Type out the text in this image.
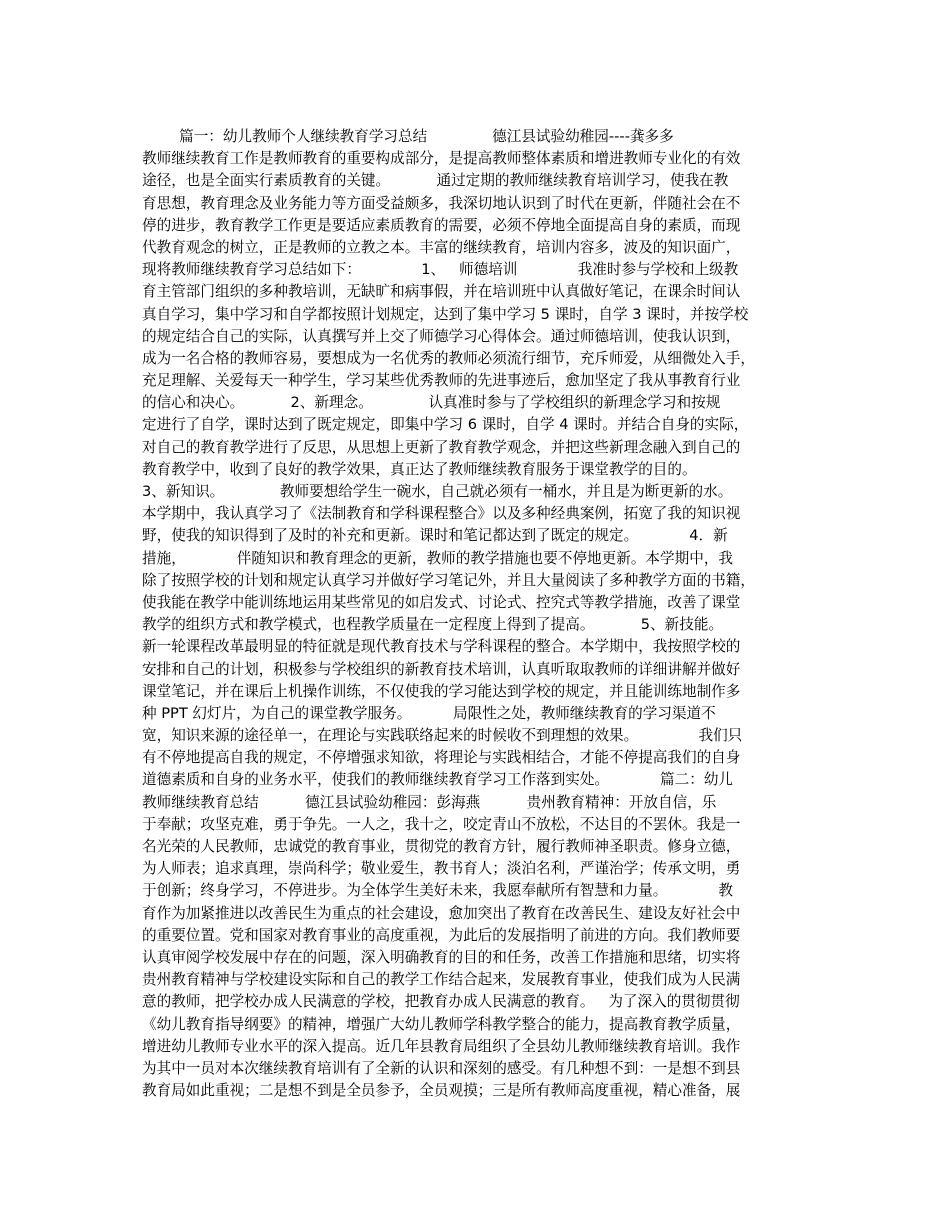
篇一：幼儿教师个人继续教育学习总结              德江县试验幼稚园----龚多多
教师继续教育工作是教师教育的重要构成部分，是提高教师整体素质和增进教师专业化的有效
途径，也是全面实行素质教育的关键。          通过定期的教师继续教育培训学习，使我在教
育思想，教育理念及业务能力等方面受益颇多，我深切地认识到了时代在更新，伴随社会在不
停的进步，教育教学工作更是要适应素质教育的需要，必须不停地全面提高自身的素质，而现
代教育观念的树立，正是教师的立教之本。丰富的继续教育，培训内容多，波及的知识面广，
现将教师继续教育学习总结如下：             1、   师德培训             我准时参与学校和上级教
育主管部门组织的多种教培训，无缺旷和病事假，并在培训班中认真做好笔记，在课余时间认
真自学习，集中学习和自学都按照计划规定，达到了集中学习 5 课时，自学 3 课时，并按学校
的规定结合自己的实际，认真撰写并上交了师德学习心得体会。通过师德培训，使我认识到，
成为一名合格的教师容易，要想成为一名优秀的教师必须流行细节，充斥师爱，从细微处入手，
充足理解、关爱每天一种学生，学习某些优秀教师的先进事迹后，愈加坚定了我从事教育行业
的信心和决心。          2、新理念。            认真准时参与了学校组织的新理念学习和按规
定进行了自学，课时达到了既定规定，即集中学习 6 课时，自学 4 课时。并结合自身的实际，
对自己的教育教学进行了反思，从思想上更新了教育教学观念，并把这些新理念融入到自己的
教育教学中，收到了良好的教学效果，真正达了教师继续教育服务于课堂教学的目的。
3、新知识。            教师要想给学生一碗水，自己就必须有一桶水，并且是为断更新的水。
本学期中，我认真学习了《法制教育和学科课程整合》以及多种经典案例，拓宽了我的知识视
野，使我的知识得到了及时的补充和更新。课时和笔记都达到了既定的规定。           4．新
措施，           伴随知识和教育理念的更新，教师的教学措施也要不停地更新。本学期中，我
除了按照学校的计划和规定认真学习并做好学习笔记外，并且大量阅读了多种教学方面的书籍，
使我能在教学中能训练地运用某些常见的如启发式、讨论式、控究式等教学措施，改善了课堂
教学的组织方式和教学模式，也程教学质量在一定程度上得到了提高。          5、新技能。
新一轮课程改革最明显的特征就是现代教育技术与学科课程的整合。本学期中，我按照学校的
安排和自己的计划，积极参与学校组织的新教育技术培训，认真听取取教师的详细讲解并做好
课堂笔记，并在课后上机操作训练，不仅使我的学习能达到学校的规定，并且能训练地制作多
种 PPT 幻灯片，为自己的课堂教学服务。         局限性之处，教师继续教育的学习渠道不
宽，知识来源的途径单一，在理论与实践联络起来的时候收不到理想的效果。             我们只
有不停地提高自我的规定，不停增强求知欲，将理论与实践相结合，才能不停提高我们的自身
道德素质和自身的业务水平，使我们的教师继续教育学习工作落到实处。           篇二：幼儿
教师继续教育总结          德江县试验幼稚园：彭海燕          贵州教育精神：开放自信，乐
于奉献；攻坚克难，勇于争先。一人之，我十之，咬定青山不放松，不达目的不罢休。我是一
名光荣的人民教师，忠诚党的教育事业，贯彻党的教育方针，履行教师神圣职责。修身立德，
为人师表；追求真理，崇尚科学；敬业爱生，教书育人；淡泊名利，严谨治学；传承文明，勇
于创新；终身学习，不停进步。为全体学生美好未来，我愿奉献所有智慧和力量。           教
育作为加紧推进以改善民生为重点的社会建设，愈加突出了教育在改善民生、建设友好社会中
的重要位置。党和国家对教育事业的高度重视，为此后的发展指明了前进的方向。我们教师要
认真审阅学校发展中存在的问题，深入明确教育的目的和任务，改善工作措施和思绪，切实将
贵州教育精神与学校建设实际和自己的教学工作结合起来，发展教育事业，使我们成为人民满
意的教师，把学校办成人民满意的学校，把教育办成人民满意的教育。   为了深入的贯彻贯彻
《幼儿教育指导纲要》的精神，增强广大幼儿教师学科教学整合的能力，提高教育教学质量，
增进幼儿教师专业水平的深入提高。近几年县教育局组织了全县幼儿教师继续教育培训。我作
为其中一员对本次继续教育培训有了全新的认识和深刻的感受。有几种想不到：一是想不到县
教育局如此重视；二是想不到是全员参予，全员观摸；三是所有教师高度重视，精心准备，展
